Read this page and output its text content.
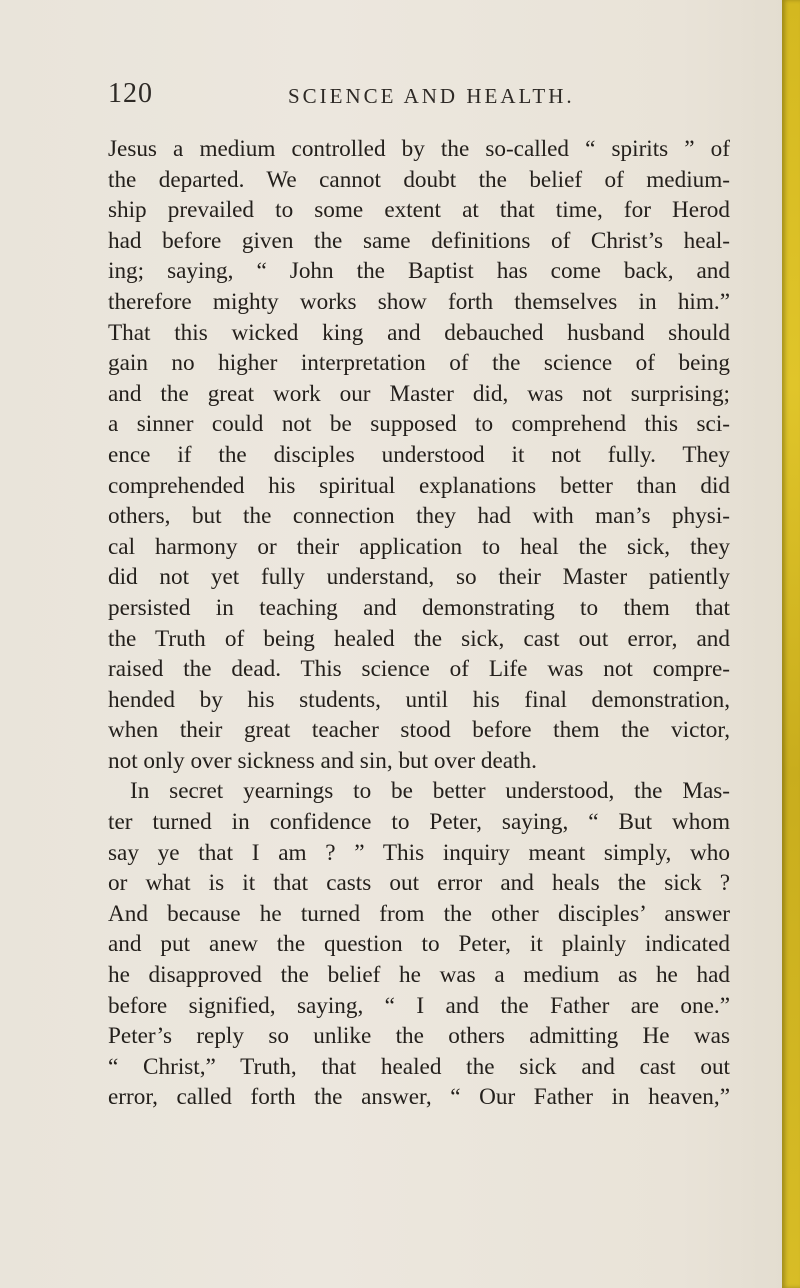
120	SCIENCE AND HEALTH.
Jesus a medium controlled by the so-called “ spirits ” of
the departed. We cannot doubt the belief of medium-
ship prevailed to some extent at that time, for Herod
had before given the same definitions of Christ’s heal-
ing; saying, “ John the Baptist has come back, and
therefore mighty works show forth themselves in him.”
That this wicked king and debauched husband should
gain no higher interpretation of the science of being
and the great work our Master did, was not surprising;
a sinner could not be supposed to comprehend this sci-
ence if the disciples understood it not fully. They
comprehended his spiritual explanations better than did
others, but the connection they had with man’s physi-
cal harmony or their application to heal the sick, they
did not yet fully understand, so their Master patiently
persisted in teaching and demonstrating to them that
the Truth of being healed the sick, cast out error, and
raised the dead. This science of Life was not compre-
hended by his students, until his final demonstration,
when their great teacher stood before them the victor,
not only over sickness and sin, but over death.
In secret yearnings to be better understood, the Mas-
ter turned in confidence to Peter, saying, “ But whom
say ye that I am ? ” This inquiry meant simply, who
or what is it that casts out error and heals the sick ?
And because he turned from the other disciples’ answer
and put anew the question to Peter, it plainly indicated
he disapproved the belief he was a medium as he had
before signified, saying, “ I and the Father are one.”
Peter’s reply so unlike the others admitting He was
“ Christ,” Truth, that healed the sick and cast out
error, called forth the answer, “ Our Father in heaven,”
